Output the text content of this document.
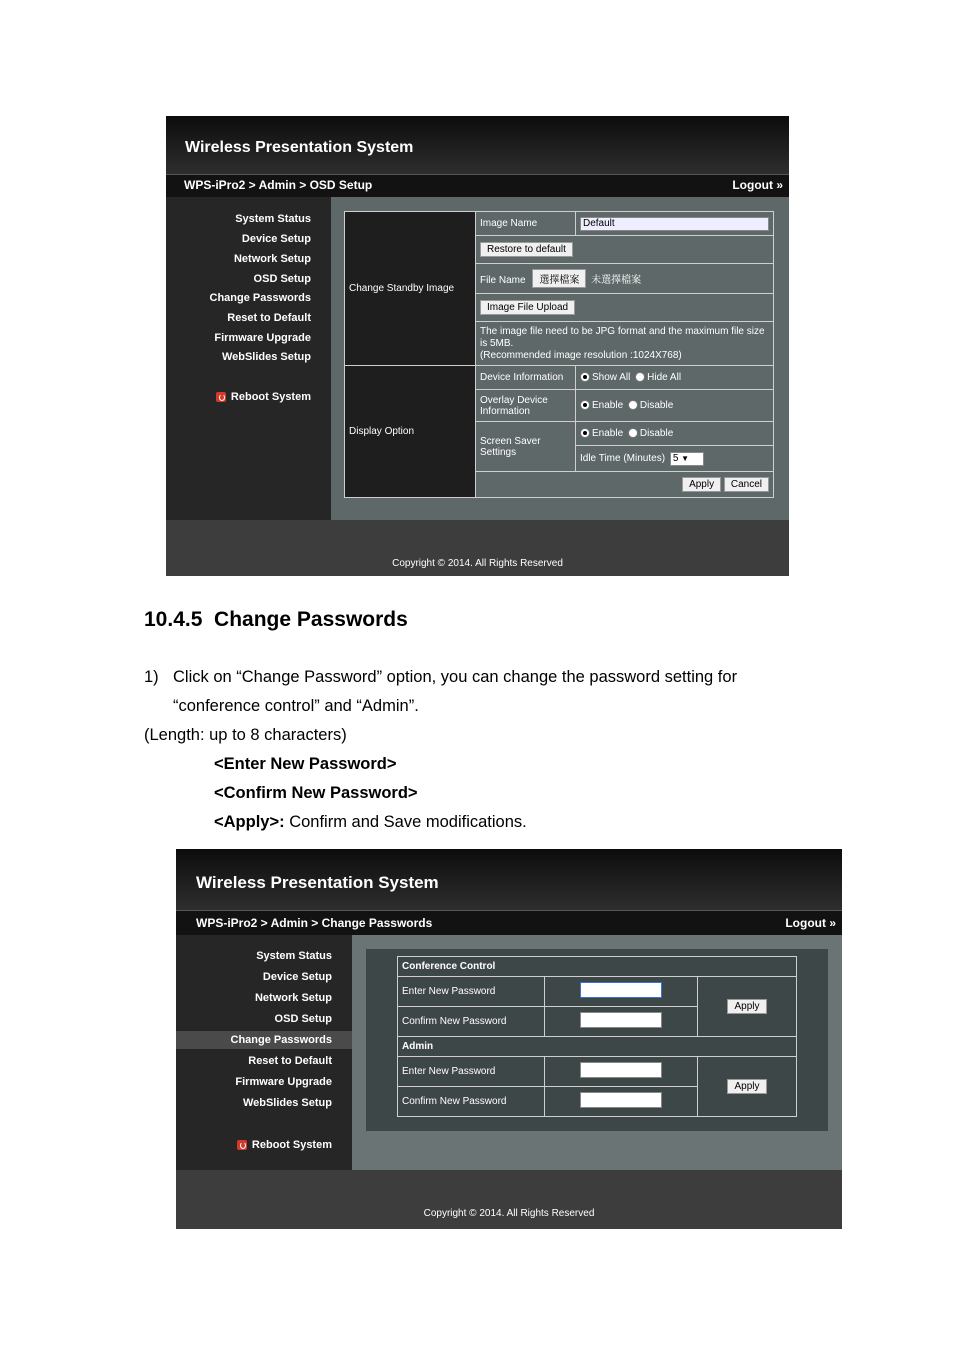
Wireless Presentation System
WPS-iPro2 > Admin > OSD Setup	Logout »
System Status
Device Setup
Network Setup
OSD Setup
Change Passwords
Reset to Default
Firmware Upgrade
WebSlides Setup
Reboot System
Change Standby Image	Image Name	Default
	Restore to default	
	File Name 選擇檔案 未選擇檔案	
	Image File Upload	

	The image file need to be JPG format and the maximum file size
is 5MB.
(Recommended image resolution :1024X768)	

Display Option	Device Information	Show All Hide All

	Overlay Device
Information	Enable Disable

	Screen Saver
Settings	Enable Disable
		Idle Time (Minutes) 5 ▼
	Apply Cancel	
Copyright © 2014. All Rights Reserved
10.4.5  Change Passwords
1) Click on “Change Password” option, you can change the password setting for
“conference control” and “Admin”.
(Length: up to 8 characters)
<Enter New Password>
<Confirm New Password>
<Apply>: Confirm and Save modifications.
Wireless Presentation System
WPS-iPro2 > Admin > Change Passwords	Logout »
System Status
Device Setup
Network Setup
OSD Setup
Change Passwords
Reset to Default
Firmware Upgrade
WebSlides Setup
Reboot System
Conference Control		
Enter New Password		Apply
Confirm New Password		
Admin		
Enter New Password		Apply
Confirm New Password		
Copyright © 2014. All Rights Reserved
